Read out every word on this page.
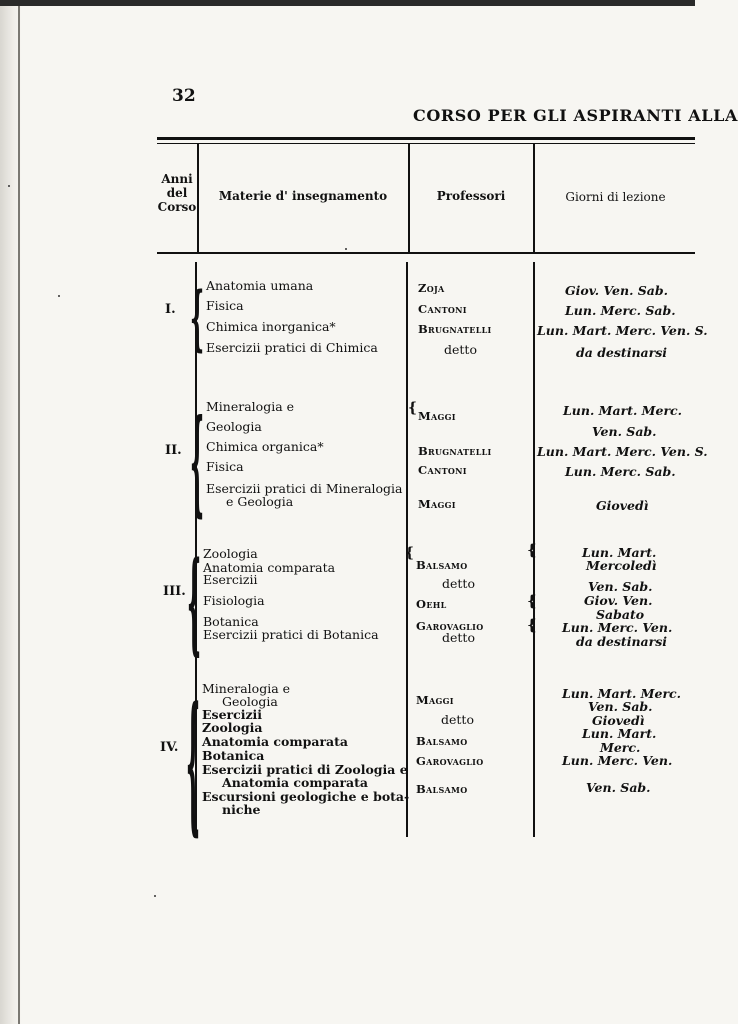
32
CORSO PER GLI ASPIRANTI ALLA
Anni
del
Corso
Materie d' insegnamento	Professori	Giorni di lezione
I. { Anatomia umana
Fisica
Chimica inorganica*
Esercizii pratici di Chimica
Zoja
Cantoni
Brugnatelli
detto
Giov. Ven. Sab.
Lun. Merc. Sab.
Lun. Mart. Merc. Ven. S.
da destinarsi
II. { Mineralogia e
Geologia
Chimica organica*
Fisica
Esercizii pratici di Mineralogia
e Geologia
{ Maggi
Brugnatelli
Cantoni
Maggi
Lun. Mart. Merc.
Ven. Sab.
Lun. Mart. Merc. Ven. S.
Lun. Merc. Sab.
Giovedì
III. { Zoologia
Anatomia comparata
Esercizii
Fisiologia
Botanica
Esercizii pratici di Botanica
{
Balsamo
detto
Oehl
Garovaglio
detto
{
{
{
Lun. Mart.
Mercoledì
Ven. Sab.
Giov. Ven.
Sabato
Lun. Merc. Ven.
da destinarsi
IV. { Mineralogia e
Geologia
Esercizii
Zoologia
Anatomia comparata
Botanica
Esercizii pratici di Zoologia e
Anatomia comparata
Escursioni geologiche e bota-
niche
Maggi
detto
Balsamo
Garovaglio
Balsamo
Lun. Mart. Merc.
Ven. Sab.
Giovedì
Lun. Mart.
Merc.
Lun. Merc. Ven.
Ven. Sab.
